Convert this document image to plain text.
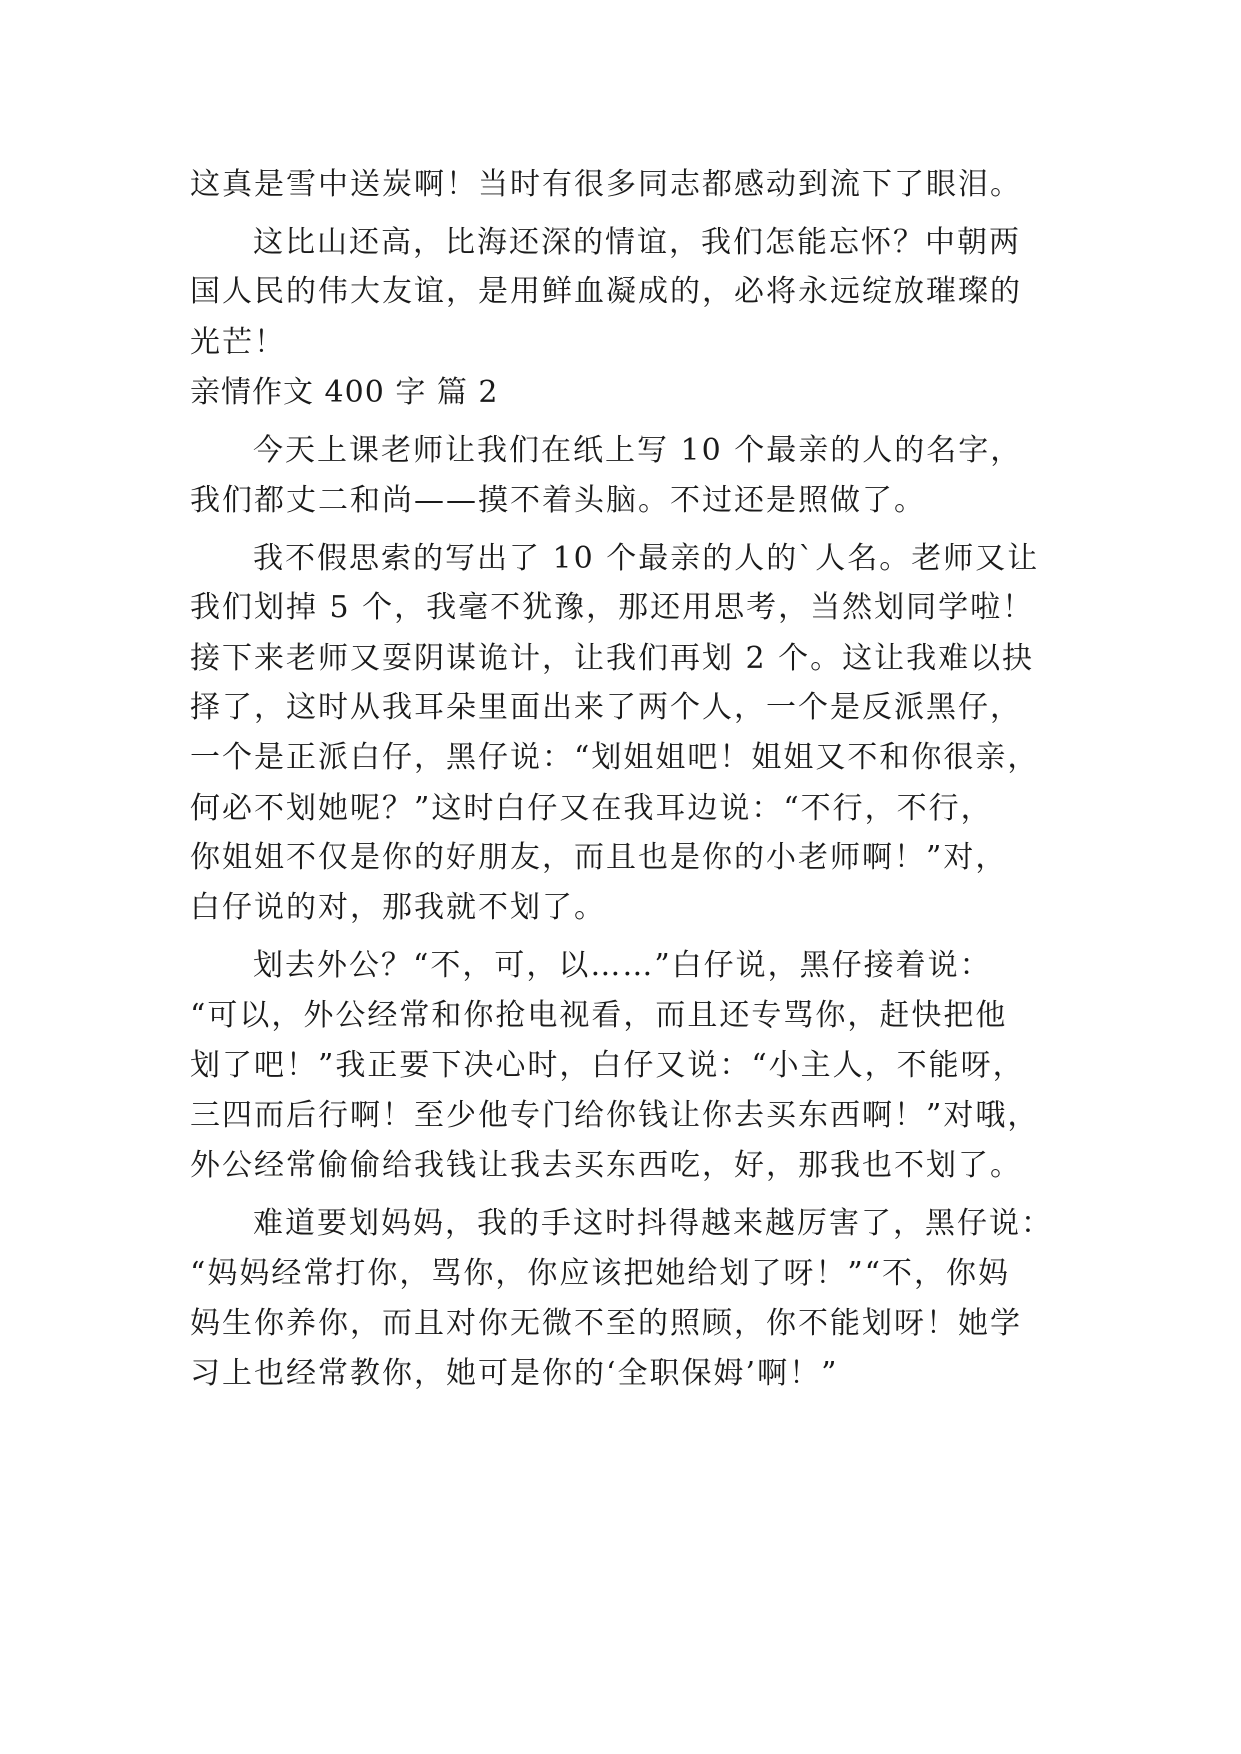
这真是雪中送炭啊！当时有很多同志都感动到流下了眼泪。
这比山还高，比海还深的情谊，我们怎能忘怀？中朝两
国人民的伟大友谊，是用鲜血凝成的，必将永远绽放璀璨的
光芒！
亲情作文 400 字 篇 2
今天上课老师让我们在纸上写 10 个最亲的人的名字，
我们都丈二和尚——摸不着头脑。不过还是照做了。
我不假思索的写出了 10 个最亲的人的`人名。老师又让
我们划掉 5 个，我毫不犹豫，那还用思考，当然划同学啦！
接下来老师又耍阴谋诡计，让我们再划 2 个。这让我难以抉
择了，这时从我耳朵里面出来了两个人，一个是反派黑仔，
一个是正派白仔，黑仔说：“划姐姐吧！姐姐又不和你很亲，
何必不划她呢？”这时白仔又在我耳边说：“不行，不行，
你姐姐不仅是你的好朋友，而且也是你的小老师啊！”对，
白仔说的对，那我就不划了。
划去外公？“不，可，以……”白仔说，黑仔接着说：
“可以，外公经常和你抢电视看，而且还专骂你，赶快把他
划了吧！”我正要下决心时，白仔又说：“小主人，不能呀，
三四而后行啊！至少他专门给你钱让你去买东西啊！”对哦，
外公经常偷偷给我钱让我去买东西吃，好，那我也不划了。
难道要划妈妈，我的手这时抖得越来越厉害了，黑仔说：
“妈妈经常打你，骂你，你应该把她给划了呀！”“不，你妈
妈生你养你，而且对你无微不至的照顾，你不能划呀！她学
习上也经常教你，她可是你的‘全职保姆’啊！”
